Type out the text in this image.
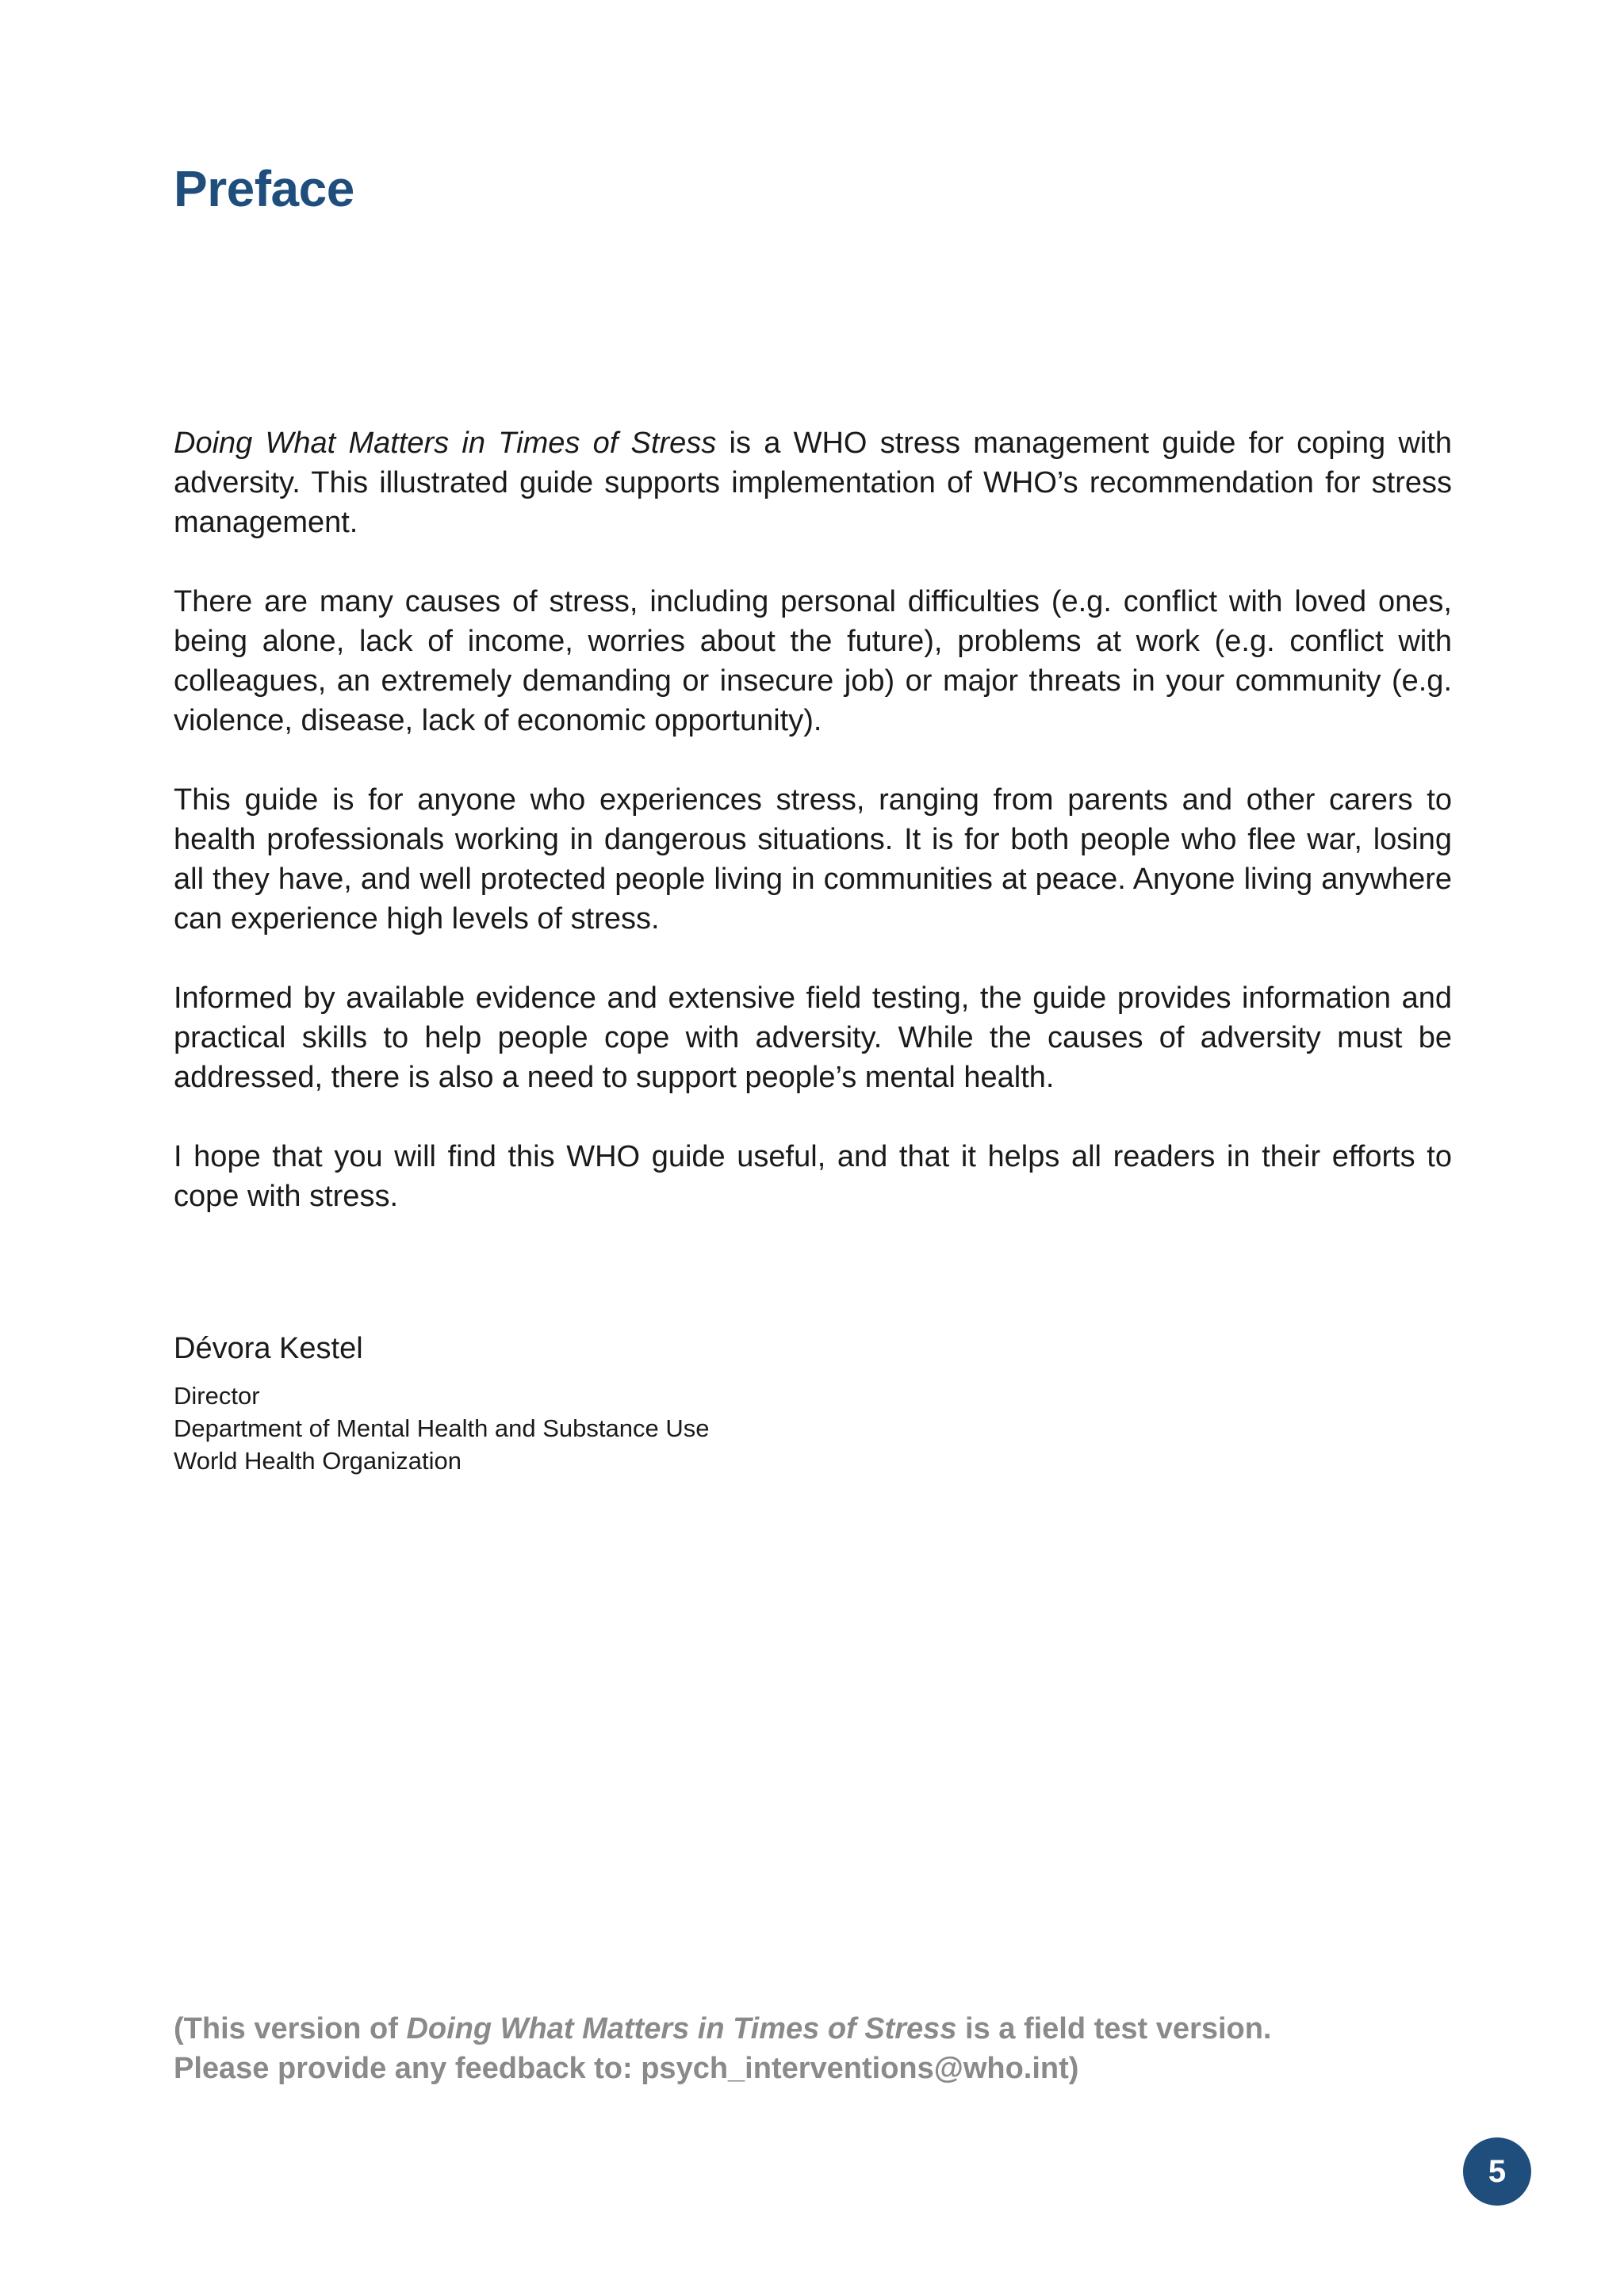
Preface

Doing What Matters in Times of Stress is a WHO stress management guide for coping with adversity. This illustrated guide supports implementation of WHO’s recommendation for stress management.

There are many causes of stress, including personal difficulties (e.g. conflict with loved ones, being alone, lack of income, worries about the future), problems at work (e.g. conflict with colleagues, an extremely demanding or insecure job) or major threats in your community (e.g. violence, disease, lack of economic opportunity).

This guide is for anyone who experiences stress, ranging from parents and other carers to health professionals working in dangerous situations. It is for both people who flee war, losing all they have, and well protected people living in communities at peace. Anyone living anywhere can experience high levels of stress.

Informed by available evidence and extensive field testing, the guide provides information and practical skills to help people cope with adversity. While the causes of adversity must be addressed, there is also a need to support people’s mental health.

I hope that you will find this WHO guide useful, and that it helps all readers in their efforts to cope with stress.

Dévora Kestel

Director

Department of Mental Health and Substance Use

World Health Organization

(This version of Doing What Matters in Times of Stress is a field test version.

Please provide any feedback to: psych_interventions@who.int)

5
